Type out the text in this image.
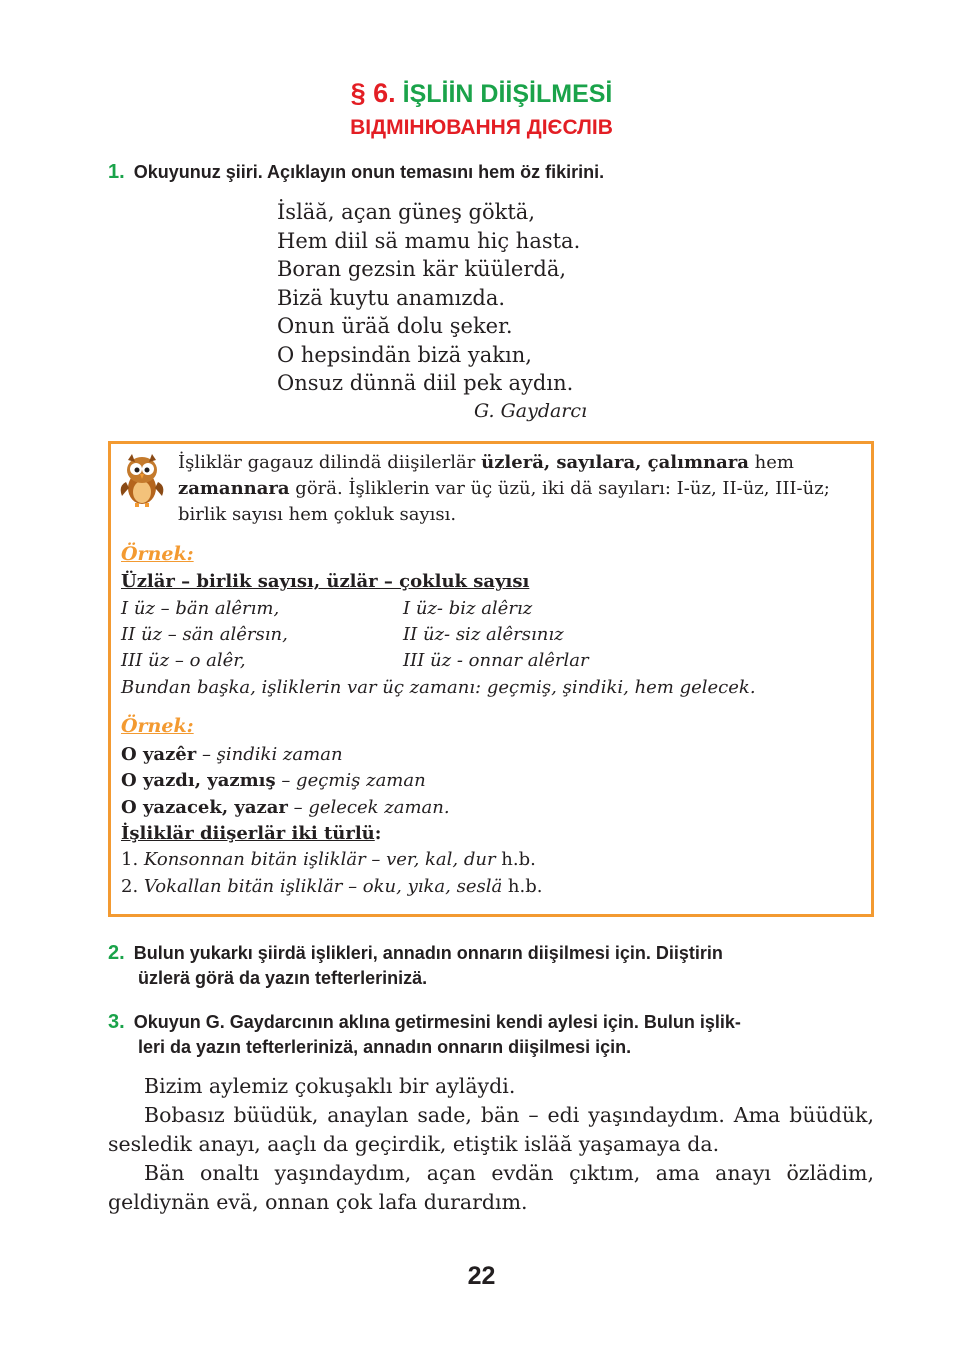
§ 6. İŞLİİN DİİŞİLMESİ
ВІДМІНЮВАННЯ ДІЄСЛІВ
1. Okuyunuz şiiri. Açıklayın onun temasını hem öz fikirini.
İsläă, açan güneş göktä,
Hem diil sä mamu hiç hasta.
Boran gezsin kär küülerdä,
Bizä kuytu anamızda.
Onun üräă dolu şeker.
O hepsindän bizä yakın,
Onsuz dünnä diil pek aydın.
G. Gaydarcı
İşliklär gagauz dilindä diişilerlär üzlerä, sayılara, çalımnara hem zamannara görä. İşliklerin var üç üzü, iki dä sayıları: I-üz, II-üz, III-üz; birlik sayısı hem çokluk sayısı.
Örnek:
Üzlär – birlik sayısı, üzlär – çokluk sayısı
I üz – bän alêrım,	I üz- biz alêrız
II üz – sän alêrsın,	II üz- siz alêrsınız
III üz – o alêr,	III üz - onnar alêrlar
Bundan başka, işliklerin var üç zamanı: geçmiş, şindiki, hem gelecek.
Örnek:
O yazêr – şindiki zaman
O yazdı, yazmış – geçmiş zaman
O yazacek, yazar – gelecek zaman.
İşliklär diişerlär iki türlü:
1. Konsonnan bitän işliklär – ver, kal, dur h.b.
2. Vokallan bitän işliklär – oku, yıka, seslä h.b.
2. Bulun yukarkı şiirdä işlikleri, annadın onnarın diişilmesi için. Diiştirin
üzlerä görä da yazın tefterlerinizä.
3. Okuyun G. Gaydarcının aklına getirmesini kendi aylesi için. Bulun işlik-
leri da yazın tefterlerinizä, annadın onnarın diişilmesi için.

Bizim aylemiz çokuşaklı bir ayläydi.

Bobasız büüdük, anaylan sade, bän – edi yaşındaydım. Ama büüdük, sesledik anayı, aaçlı da geçirdik, etiştik isläă yaşamaya da.

Bän onaltı yaşındaydım, açan evdän çıktım, ama anayı özlädim, geldiynän evä, onnan çok lafa durardım.

22
